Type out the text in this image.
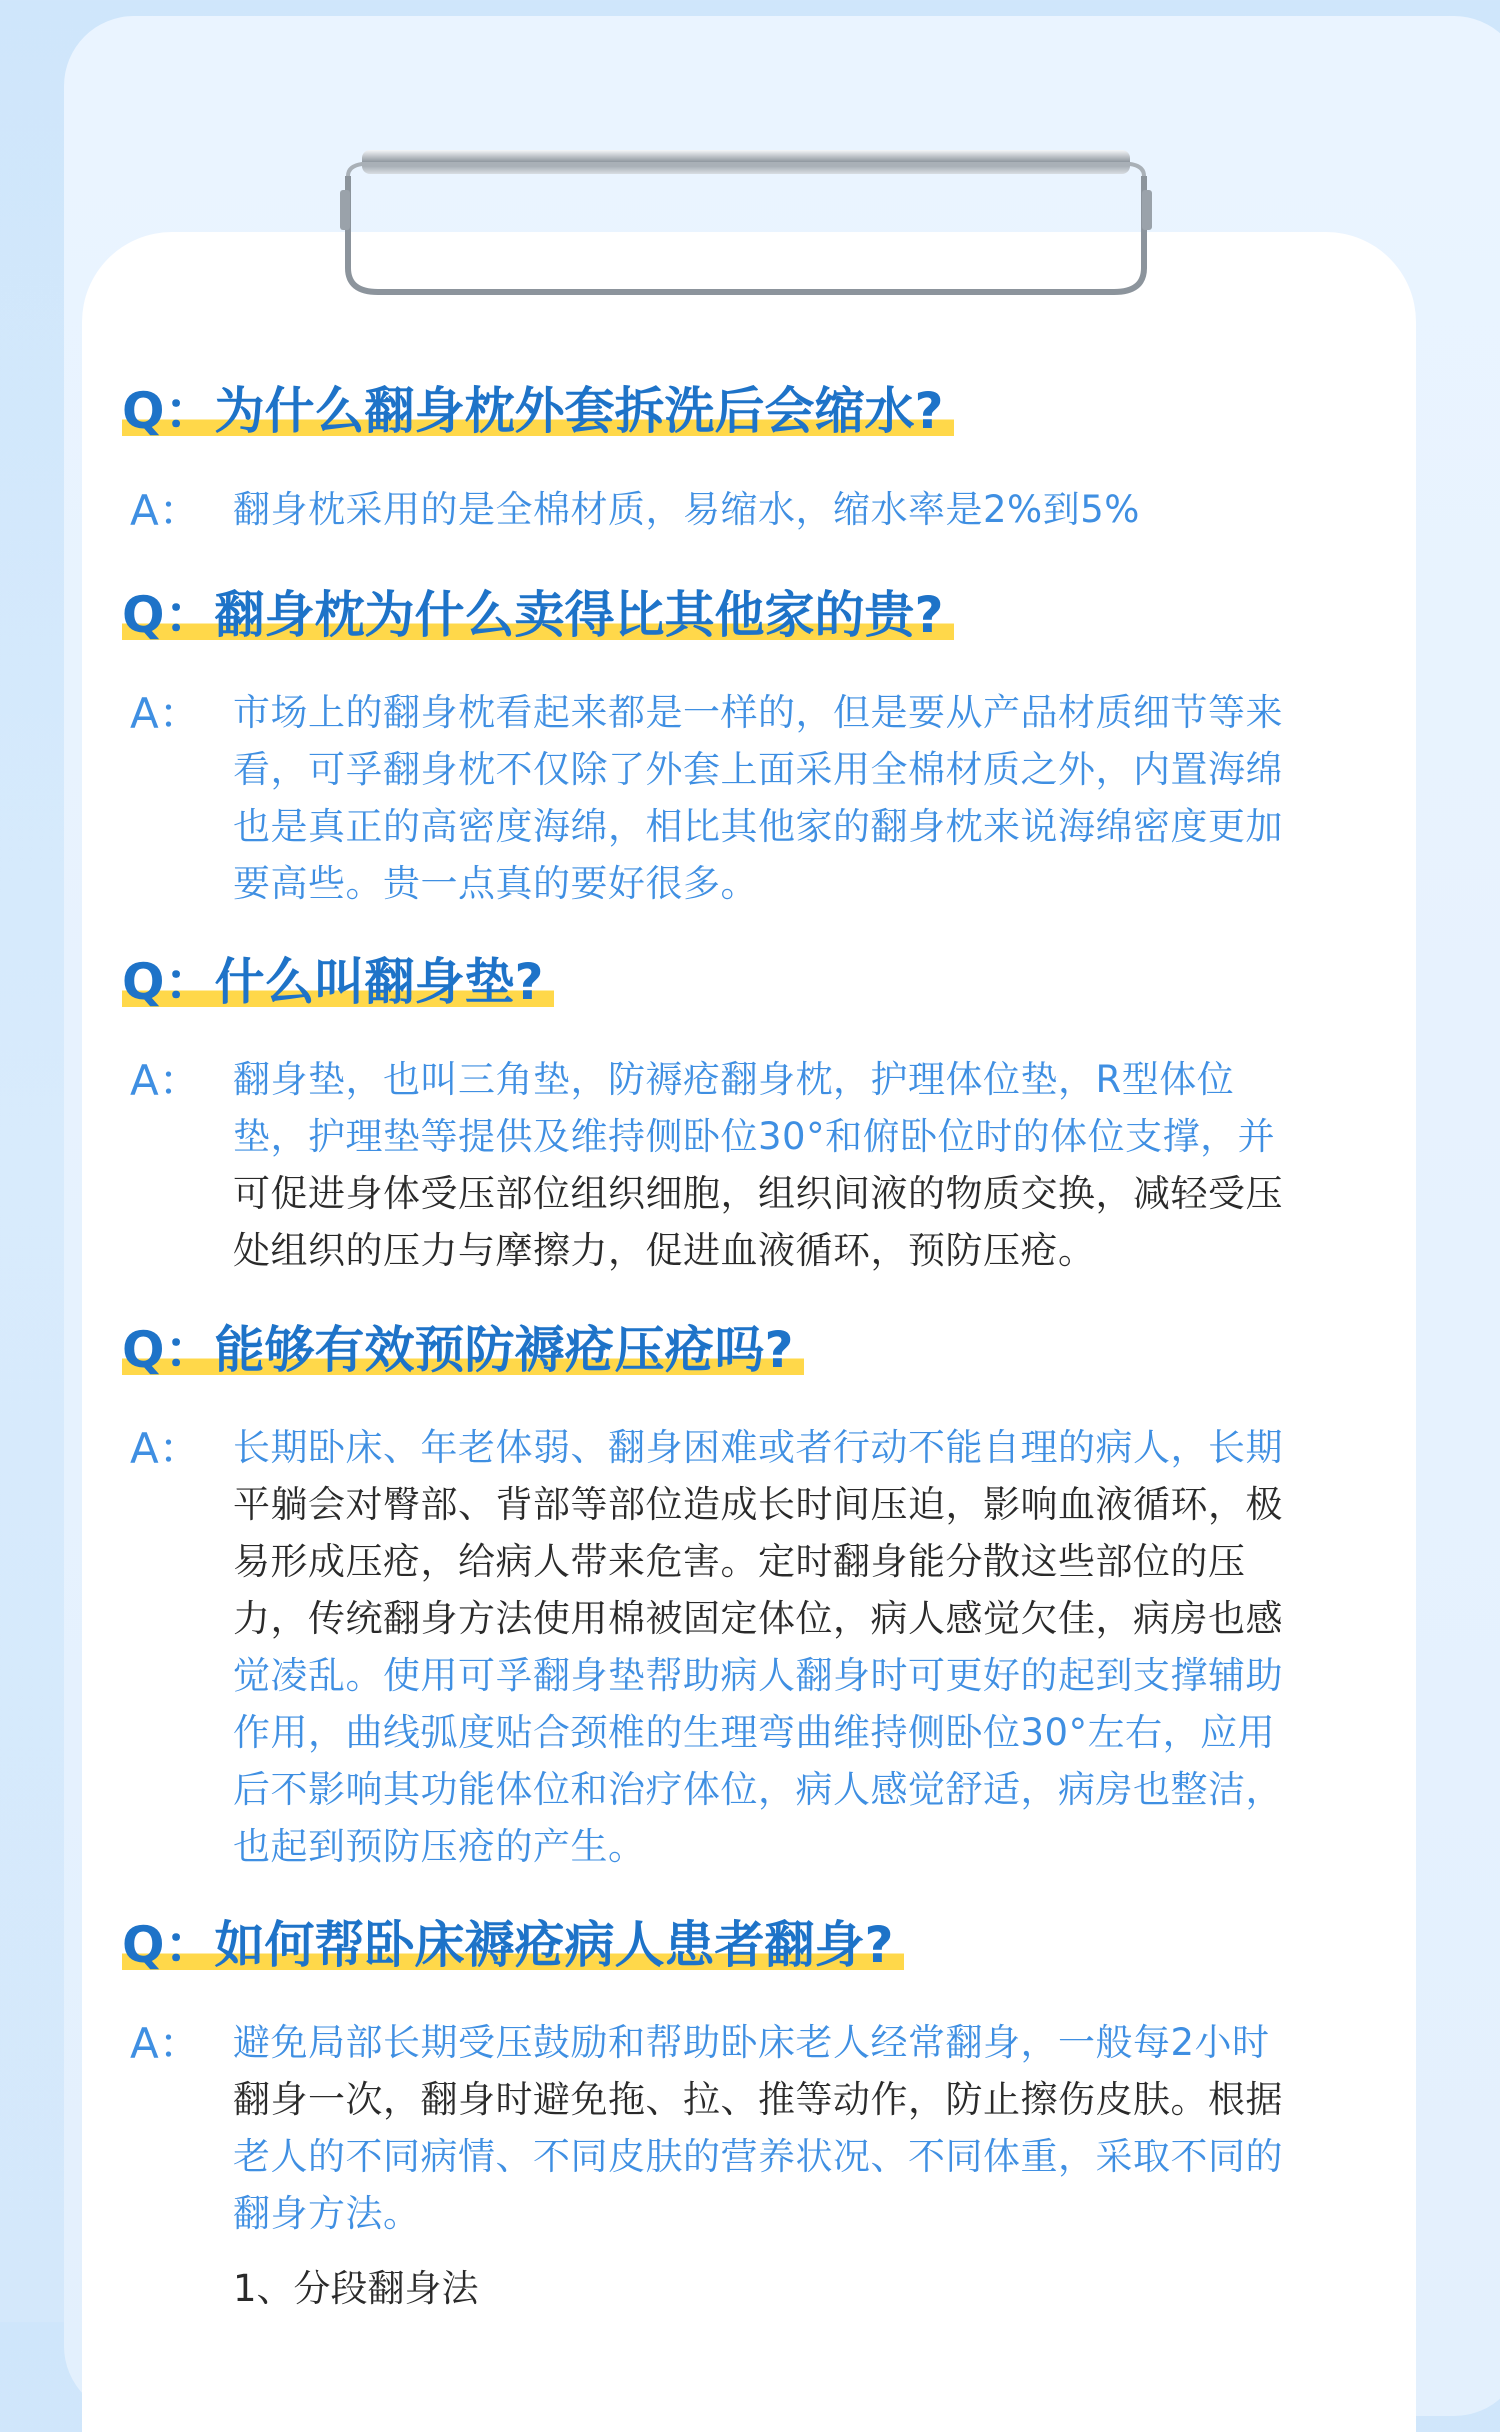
Q：为什么翻身枕外套拆洗后会缩水?
A： 翻身枕采用的是全棉材质，易缩水，缩水率是2%到5%
Q：翻身枕为什么卖得比其他家的贵?
A： 市场上的翻身枕看起来都是一样的，但是要从产品材质细节等来
看，可孚翻身枕不仅除了外套上面采用全棉材质之外，内置海绵
也是真正的高密度海绵，相比其他家的翻身枕来说海绵密度更加
要高些。贵一点真的要好很多。
Q：什么叫翻身垫?
A： 翻身垫，也叫三角垫，防褥疮翻身枕，护理体位垫，R型体位
垫，护理垫等提供及维持侧卧位30°和俯卧位时的体位支撑，并
可促进身体受压部位组织细胞，组织间液的物质交换，减轻受压
处组织的压力与摩擦力，促进血液循环，预防压疮。
Q：能够有效预防褥疮压疮吗?
A： 长期卧床、年老体弱、翻身困难或者行动不能自理的病人，长期
平躺会对臀部、背部等部位造成长时间压迫，影响血液循环，极
易形成压疮，给病人带来危害。定时翻身能分散这些部位的压
力，传统翻身方法使用棉被固定体位，病人感觉欠佳，病房也感
觉凌乱。使用可孚翻身垫帮助病人翻身时可更好的起到支撑辅助
作用，曲线弧度贴合颈椎的生理弯曲维持侧卧位30°左右，应用
后不影响其功能体位和治疗体位，病人感觉舒适，病房也整洁，
也起到预防压疮的产生。
Q：如何帮卧床褥疮病人患者翻身?
A： 避免局部长期受压鼓励和帮助卧床老人经常翻身，一般每2小时
翻身一次，翻身时避免拖、拉、推等动作，防止擦伤皮肤。根据
老人的不同病情、不同皮肤的营养状况、不同体重，采取不同的
翻身方法。
1、分段翻身法
